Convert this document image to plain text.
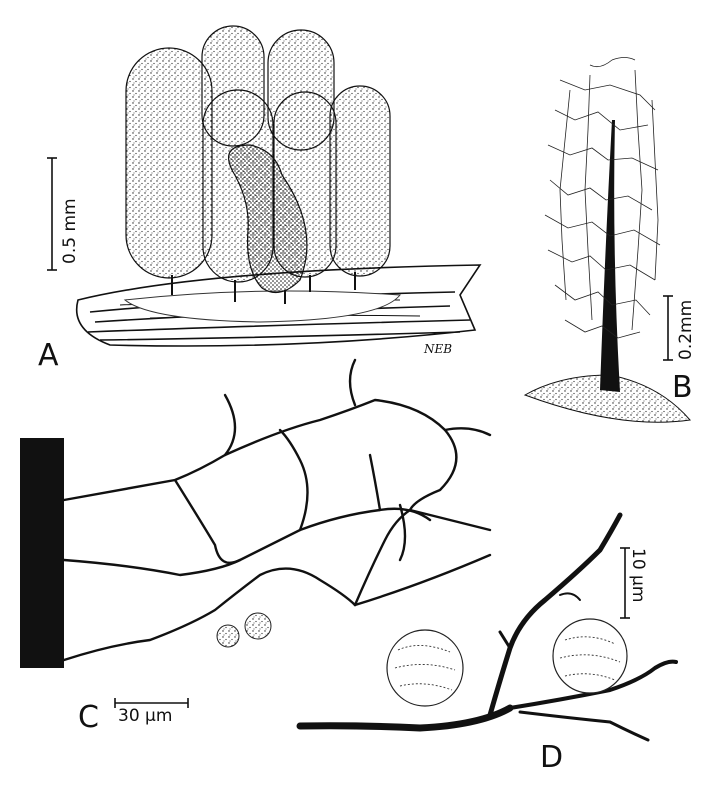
A
B
C
D
0.5 mm
0.2mm
30 µm
10 µm
NEB
